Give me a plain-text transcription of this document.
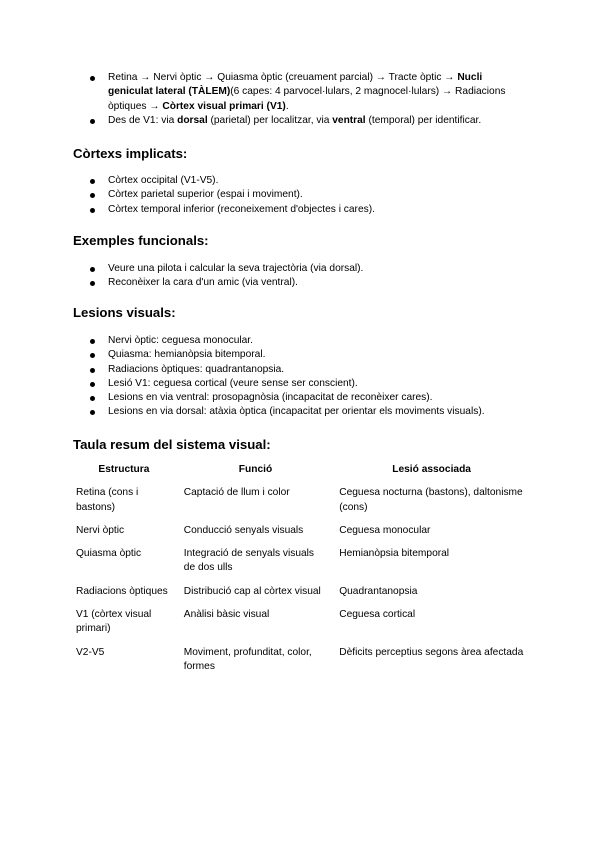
Retina → Nervi òptic → Quiasma òptic (creuament parcial) → Tracte òptic → Nucli geniculat lateral (TÀLEM)(6 capes: 4 parvocel·lulars, 2 magnocel·lulars) → Radiacions òptiques → Còrtex visual primari (V1).
Des de V1: via dorsal (parietal) per localitzar, via ventral (temporal) per identificar.
Còrtexs implicats:
Còrtex occipital (V1-V5).
Còrtex parietal superior (espai i moviment).
Còrtex temporal inferior (reconeixement d'objectes i cares).
Exemples funcionals:
Veure una pilota i calcular la seva trajectòria (via dorsal).
Reconèixer la cara d'un amic (via ventral).
Lesions visuals:
Nervi òptic: ceguesa monocular.
Quiasma: hemianòpsia bitemporal.
Radiacions òptiques: quadrantanopsia.
Lesió V1: ceguesa cortical (veure sense ser conscient).
Lesions en via ventral: prosopagnòsia (incapacitat de reconèixer cares).
Lesions en via dorsal: atàxia òptica (incapacitat per orientar els moviments visuals).
Taula resum del sistema visual:
Estructura	Funció	Lesió associada
Retina (cons i bastons)	Captació de llum i color	Ceguesa nocturna (bastons), daltonisme (cons)
Nervi òptic	Conducció senyals visuals	Ceguesa monocular
Quiasma òptic	Integració de senyals visuals de dos ulls	Hemianòpsia bitemporal
Radiacions òptiques	Distribució cap al còrtex visual	Quadrantanopsia
V1 (còrtex visual primari)	Anàlisi bàsic visual	Ceguesa cortical
V2-V5	Moviment, profunditat, color, formes	Dèficits perceptius segons àrea afectada
